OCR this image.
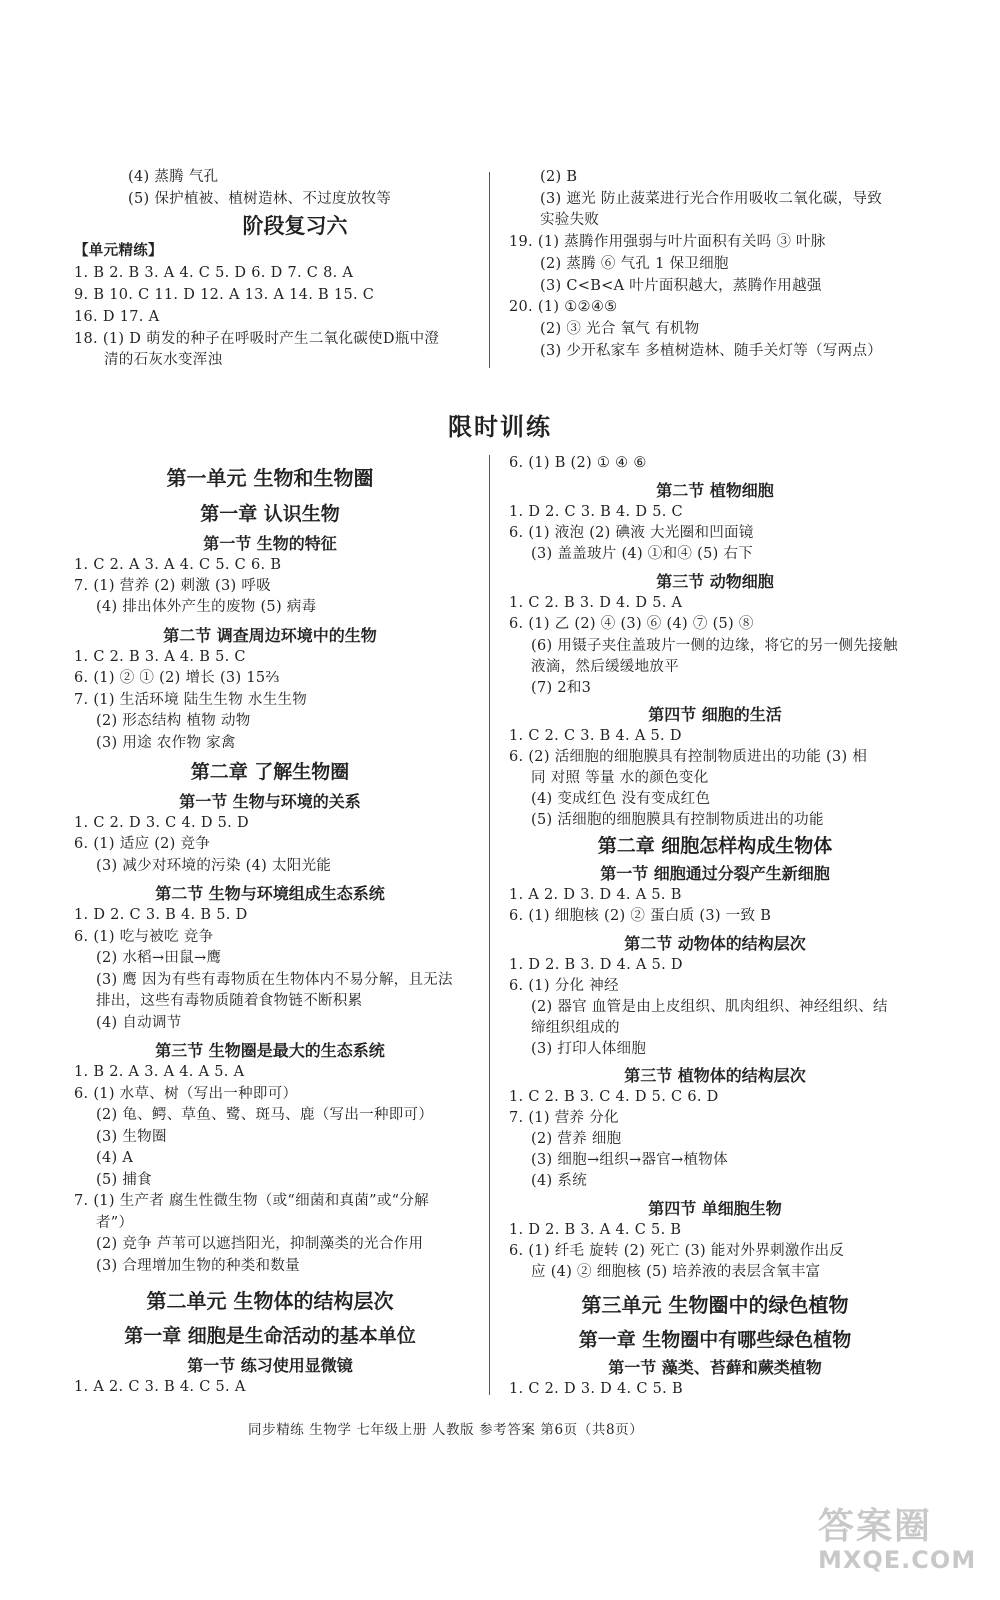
(4) 蒸腾 气孔
(5) 保护植被、植树造林、不过度放牧等
阶段复习六
【单元精练】
1. B 2. B 3. A 4. C 5. D 6. D 7. C 8. A
9. B 10. C 11. D 12. A 13. A 14. B 15. C
16. D 17. A
18. (1) D 萌发的种子在呼吸时产生二氧化碳使D瓶中澄
清的石灰水变浑浊
(2) B
(3) 遮光 防止菠菜进行光合作用吸收二氧化碳，导致
实验失败
19. (1) 蒸腾作用强弱与叶片面积有关吗 ③ 叶脉
(2) 蒸腾 ⑥ 气孔 1 保卫细胞
(3) C<B<A 叶片面积越大，蒸腾作用越强
20. (1) ①②④⑤
(2) ③ 光合 氧气 有机物
(3) 少开私家车 多植树造林、随手关灯等（写两点）
限时训练
第一单元 生物和生物圈
第一章 认识生物
第一节 生物的特征
1. C 2. A 3. A 4. C 5. C 6. B
7. (1) 营养 (2) 刺激 (3) 呼吸
(4) 排出体外产生的废物 (5) 病毒
第二节 调查周边环境中的生物
1. C 2. B 3. A 4. B 5. C
6. (1) ② ① (2) 增长 (3) 15⅔
7. (1) 生活环境 陆生生物 水生生物
(2) 形态结构 植物 动物
(3) 用途 农作物 家禽
第二章 了解生物圈
第一节 生物与环境的关系
1. C 2. D 3. C 4. D 5. D
6. (1) 适应 (2) 竞争
(3) 减少对环境的污染 (4) 太阳光能
第二节 生物与环境组成生态系统
1. D 2. C 3. B 4. B 5. D
6. (1) 吃与被吃 竞争
(2) 水稻→田鼠→鹰
(3) 鹰 因为有些有毒物质在生物体内不易分解，且无法
排出，这些有毒物质随着食物链不断积累
(4) 自动调节
第三节 生物圈是最大的生态系统
1. B 2. A 3. A 4. A 5. A
6. (1) 水草、树（写出一种即可）
(2) 龟、鳄、草鱼、鹭、斑马、鹿（写出一种即可）
(3) 生物圈
(4) A
(5) 捕食
7. (1) 生产者 腐生性微生物（或“细菌和真菌”或“分解
者”）
(2) 竞争 芦苇可以遮挡阳光，抑制藻类的光合作用
(3) 合理增加生物的种类和数量
第二单元 生物体的结构层次
第一章 细胞是生命活动的基本单位
第一节 练习使用显微镜
1. A 2. C 3. B 4. C 5. A
6. (1) B (2) ① ④ ⑥
第二节 植物细胞
1. D 2. C 3. B 4. D 5. C
6. (1) 液泡 (2) 碘液 大光圈和凹面镜
(3) 盖盖玻片 (4) ①和④ (5) 右下
第三节 动物细胞
1. C 2. B 3. D 4. D 5. A
6. (1) 乙 (2) ④ (3) ⑥ (4) ⑦ (5) ⑧
(6) 用镊子夹住盖玻片一侧的边缘，将它的另一侧先接触
液滴，然后缓缓地放平
(7) 2和3
第四节 细胞的生活
1. C 2. C 3. B 4. A 5. D
6. (2) 活细胞的细胞膜具有控制物质进出的功能 (3) 相
同 对照 等量 水的颜色变化
(4) 变成红色 没有变成红色
(5) 活细胞的细胞膜具有控制物质进出的功能
第二章 细胞怎样构成生物体
第一节 细胞通过分裂产生新细胞
1. A 2. D 3. D 4. A 5. B
6. (1) 细胞核 (2) ② 蛋白质 (3) 一致 B
第二节 动物体的结构层次
1. D 2. B 3. D 4. A 5. D
6. (1) 分化 神经
(2) 器官 血管是由上皮组织、肌肉组织、神经组织、结
缔组织组成的
(3) 打印人体细胞
第三节 植物体的结构层次
1. C 2. B 3. C 4. D 5. C 6. D
7. (1) 营养 分化
(2) 营养 细胞
(3) 细胞→组织→器官→植物体
(4) 系统
第四节 单细胞生物
1. D 2. B 3. A 4. C 5. B
6. (1) 纤毛 旋转 (2) 死亡 (3) 能对外界刺激作出反
应 (4) ② 细胞核 (5) 培养液的表层含氧丰富
第三单元 生物圈中的绿色植物
第一章 生物圈中有哪些绿色植物
第一节 藻类、苔藓和蕨类植物
1. C 2. D 3. D 4. C 5. B
同步精练 生物学 七年级上册 人教版 参考答案 第6页（共8页）
答案圈
MXQE.COM
